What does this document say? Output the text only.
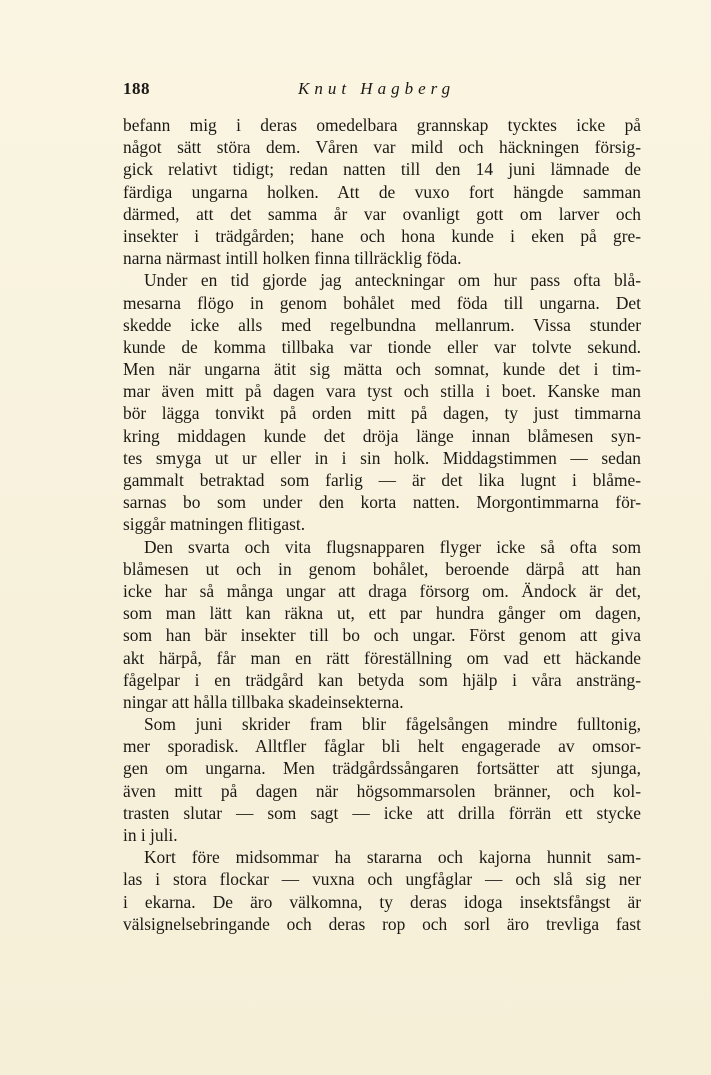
188	Knut Hagberg
befann mig i deras omedelbara grannskap tycktes icke på
något sätt störa dem. Våren var mild och häckningen försig-
gick relativt tidigt; redan natten till den 14 juni lämnade de
färdiga ungarna holken. Att de vuxo fort hängde samman
därmed, att det samma år var ovanligt gott om larver och
insekter i trädgården; hane och hona kunde i eken på gre-
narna närmast intill holken finna tillräcklig föda.
Under en tid gjorde jag anteckningar om hur pass ofta blå-
mesarna flögo in genom bohålet med föda till ungarna. Det
skedde icke alls med regelbundna mellanrum. Vissa stunder
kunde de komma tillbaka var tionde eller var tolvte sekund.
Men när ungarna ätit sig mätta och somnat, kunde det i tim-
mar även mitt på dagen vara tyst och stilla i boet. Kanske man
bör lägga tonvikt på orden mitt på dagen, ty just timmarna
kring middagen kunde det dröja länge innan blåmesen syn-
tes smyga ut ur eller in i sin holk. Middagstimmen — sedan
gammalt betraktad som farlig — är det lika lugnt i blåme-
sarnas bo som under den korta natten. Morgontimmarna för-
siggår matningen flitigast.
Den svarta och vita flugsnapparen flyger icke så ofta som
blåmesen ut och in genom bohålet, beroende därpå att han
icke har så många ungar att draga försorg om. Ändock är det,
som man lätt kan räkna ut, ett par hundra gånger om dagen,
som han bär insekter till bo och ungar. Först genom att giva
akt härpå, får man en rätt föreställning om vad ett häckande
fågelpar i en trädgård kan betyda som hjälp i våra ansträng-
ningar att hålla tillbaka skadeinsekterna.
Som juni skrider fram blir fågelsången mindre fulltonig,
mer sporadisk. Alltfler fåglar bli helt engagerade av omsor-
gen om ungarna. Men trädgårdssångaren fortsätter att sjunga,
även mitt på dagen när högsommarsolen bränner, och kol-
trasten slutar — som sagt — icke att drilla förrän ett stycke
in i juli.
Kort före midsommar ha stararna och kajorna hunnit sam-
las i stora flockar — vuxna och ungfåglar — och slå sig ner
i ekarna. De äro välkomna, ty deras idoga insektsfångst är
välsignelsebringande och deras rop och sorl äro trevliga fast
